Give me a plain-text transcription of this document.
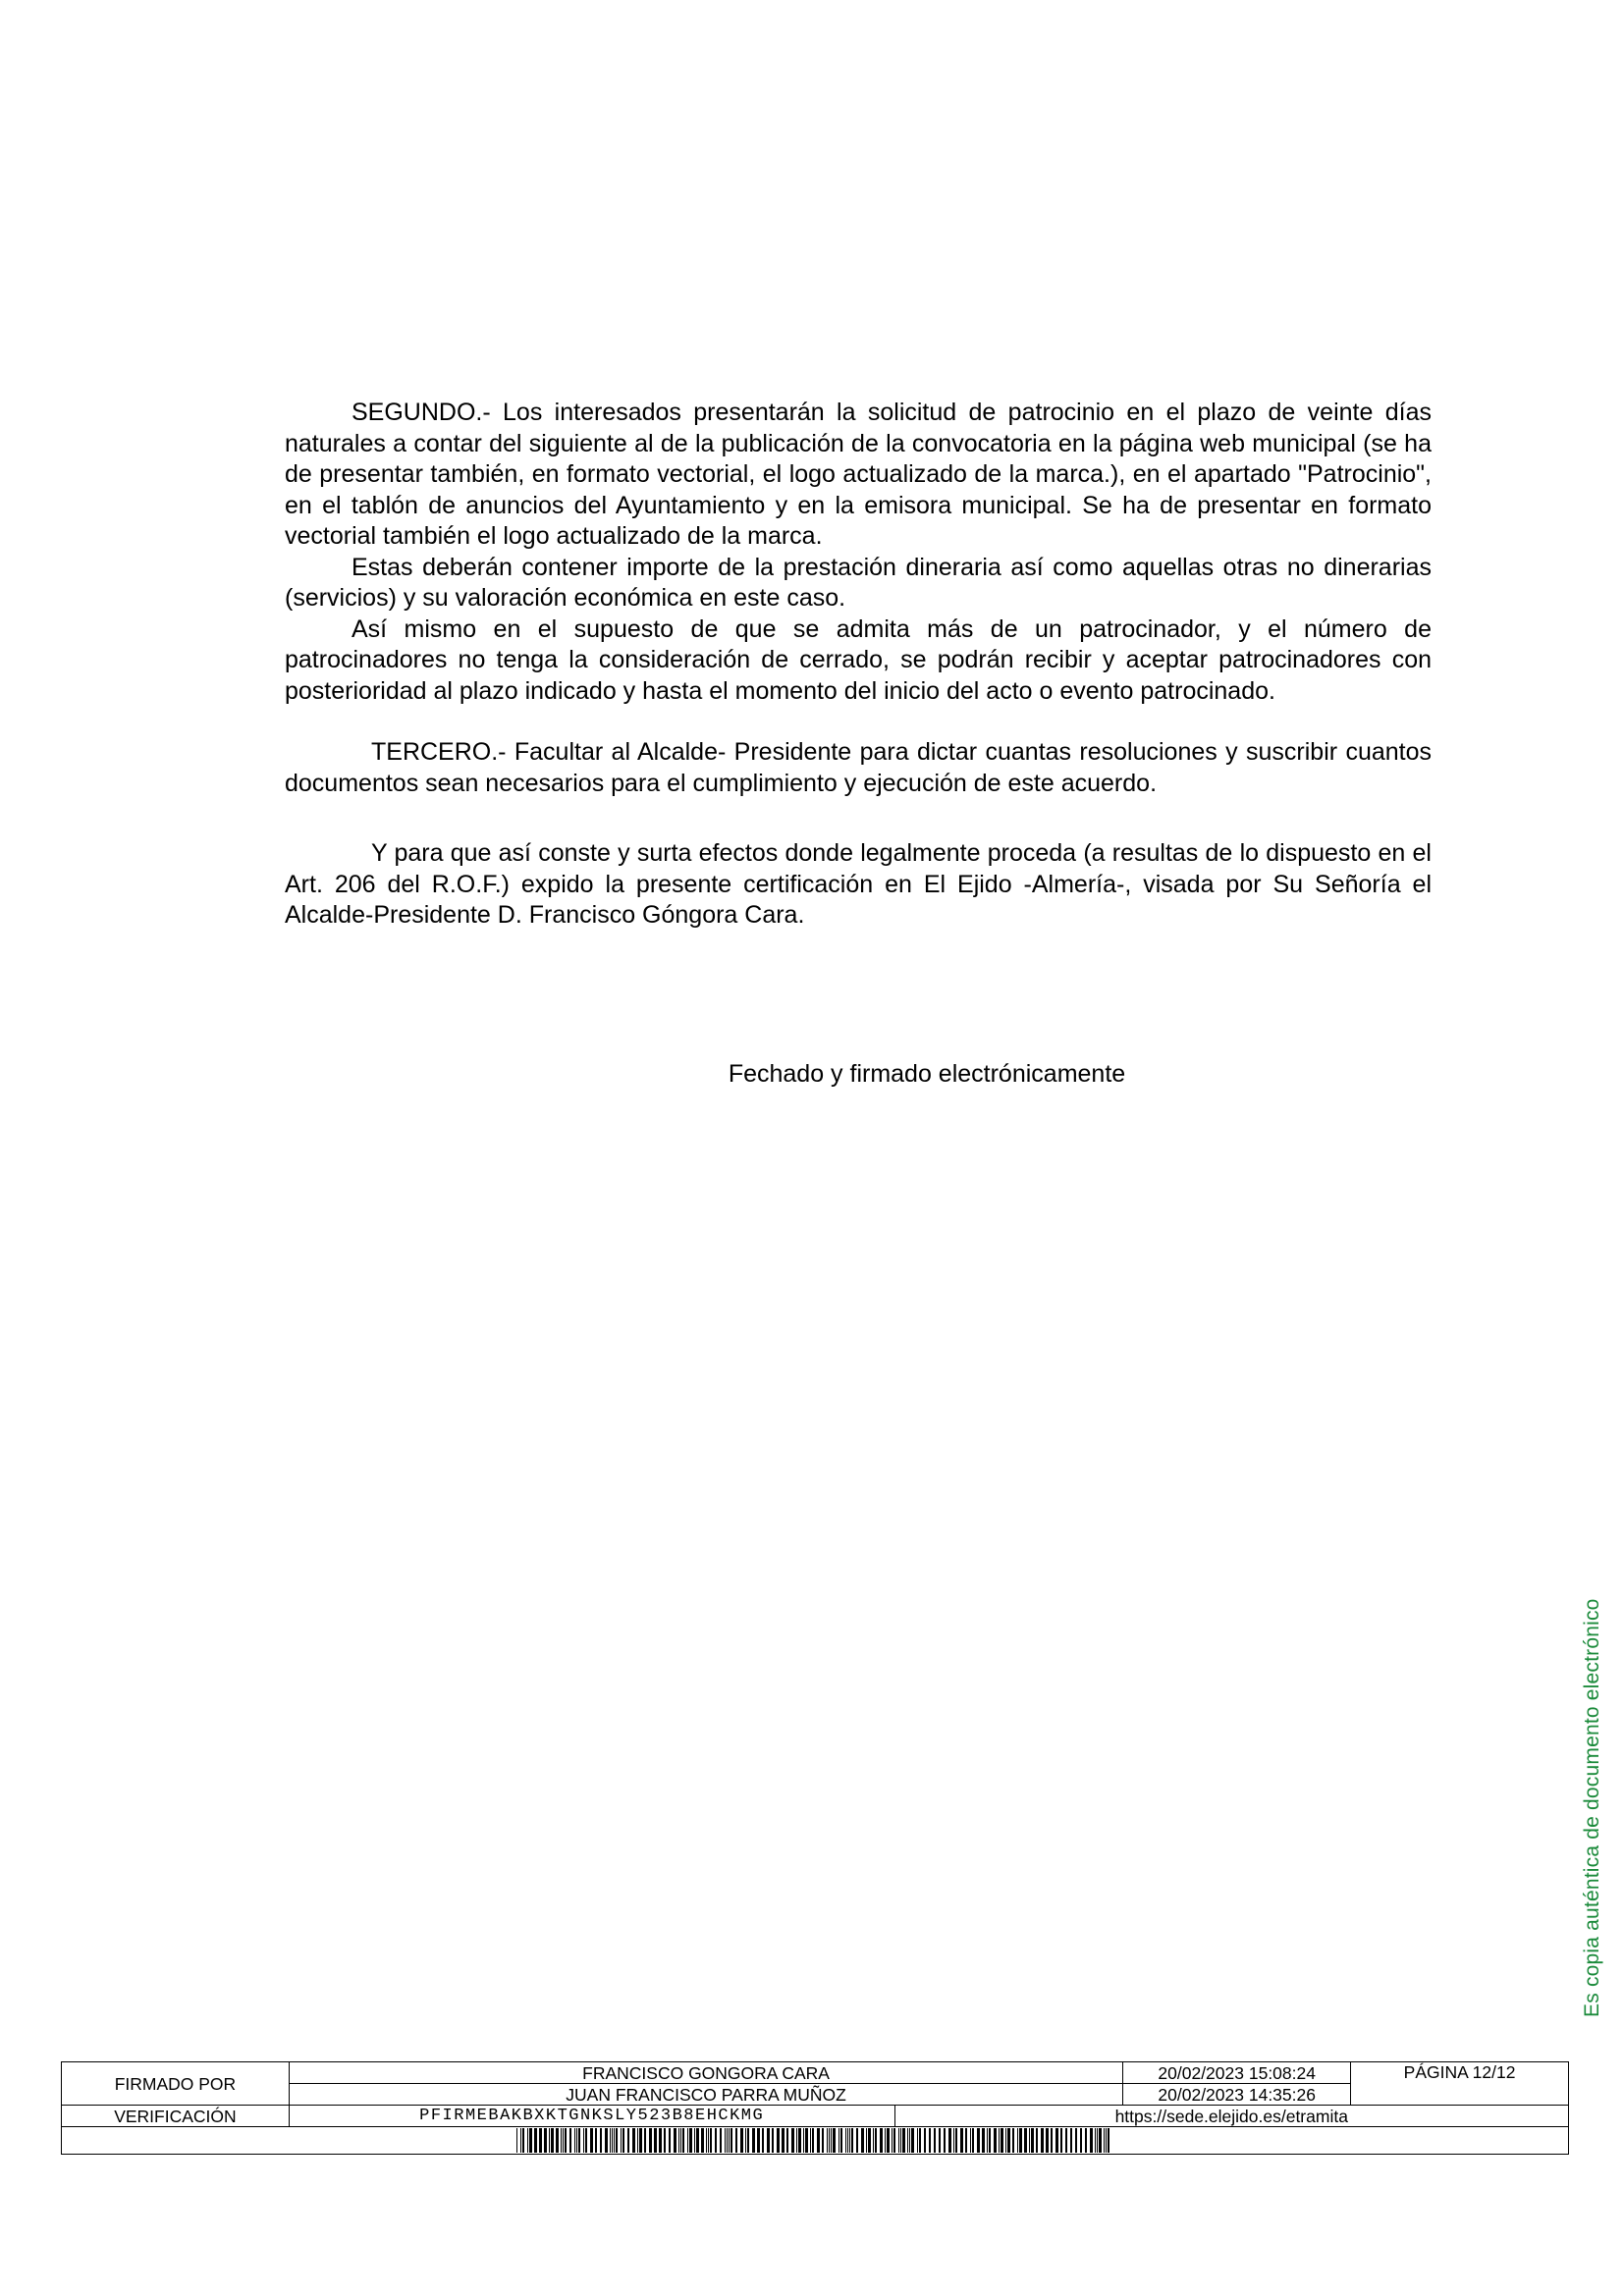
SEGUNDO.- Los interesados presentarán la solicitud de patrocinio en el plazo de veinte días naturales a contar del siguiente al de la publicación de la convocatoria en la página web municipal (se ha de presentar también, en formato vectorial, el logo actualizado de la marca.), en el apartado "Patrocinio", en el tablón de anuncios del Ayuntamiento y en la emisora municipal. Se ha de presentar en formato vectorial también el logo actualizado de la marca.

Estas deberán contener importe de la prestación dineraria así como aquellas otras no dinerarias (servicios) y su valoración económica en este caso.

Así mismo en el supuesto de que se admita más de un patrocinador, y el número de patrocinadores no tenga la consideración de cerrado, se podrán recibir y aceptar patrocinadores con posterioridad al plazo indicado y hasta el momento del inicio del acto o evento patrocinado.

TERCERO.- Facultar al Alcalde- Presidente para dictar cuantas resoluciones y suscribir cuantos documentos sean necesarios para el cumplimiento y ejecución de este acuerdo.

Y para que así conste y surta efectos donde legalmente proceda (a resultas de lo dispuesto en el Art. 206 del R.O.F.) expido la presente certificación en El Ejido -Almería-, visada por Su Señoría el Alcalde-Presidente D. Francisco Góngora Cara.

Fechado y firmado electrónicamente
Es copia auténtica de documento electrónico
FIRMADO POR	FRANCISCO GONGORA CARA		20/02/2023 15:08:24	PÁGINA 12/12
	JUAN FRANCISCO PARRA MUÑOZ		20/02/2023 14:35:26	
VERIFICACIÓN	PFIRMEBAKBXKTGNKSLY523B8EHCKMG	https://sede.elejido.es/etramita		
